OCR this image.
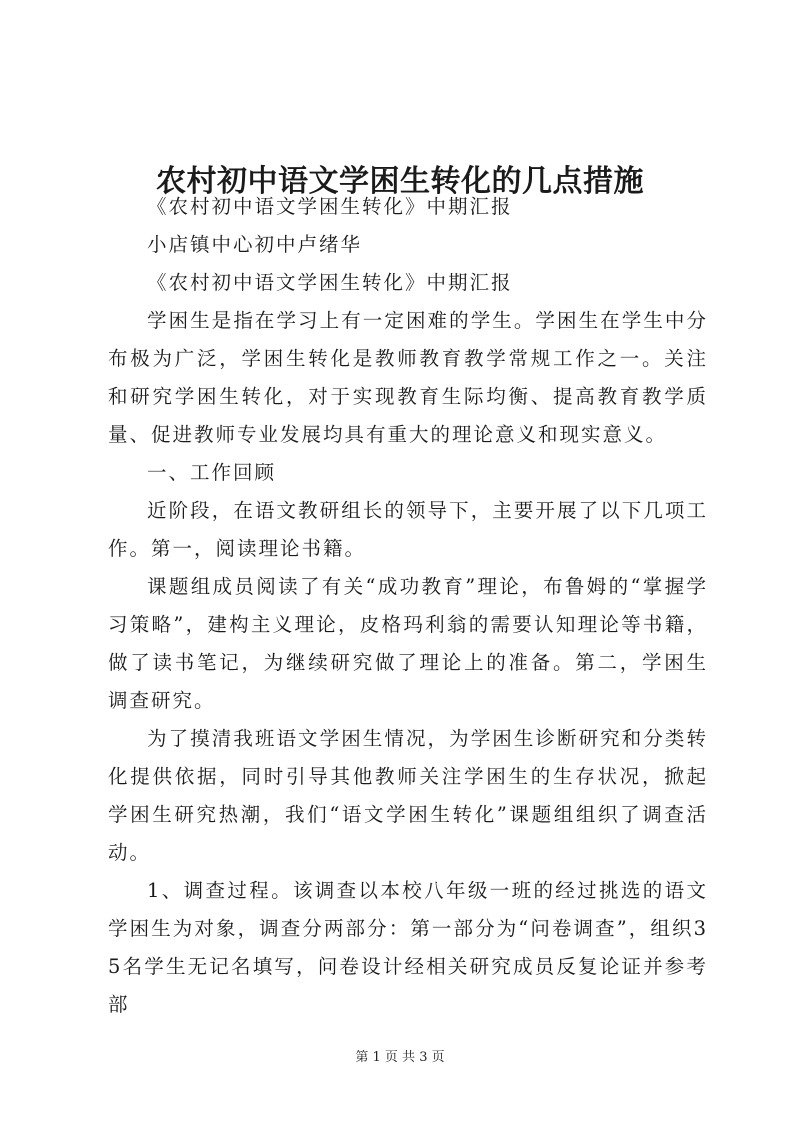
农村初中语文学困生转化的几点措施

《农村初中语文学困生转化》中期汇报

小店镇中心初中卢绪华

《农村初中语文学困生转化》中期汇报

学困生是指在学习上有一定困难的学生。学困生在学生中分布极为广泛，学困生转化是教师教育教学常规工作之一。关注和研究学困生转化，对于实现教育生际均衡、提高教育教学质量、促进教师专业发展均具有重大的理论意义和现实意义。

一、工作回顾

近阶段，在语文教研组长的领导下，主要开展了以下几项工作。第一，阅读理论书籍。

课题组成员阅读了有关“成功教育”理论，布鲁姆的“掌握学习策略”，建构主义理论，皮格玛利翁的需要认知理论等书籍，做了读书笔记，为继续研究做了理论上的准备。第二，学困生调查研究。

为了摸清我班语文学困生情况，为学困生诊断研究和分类转化提供依据，同时引导其他教师关注学困生的生存状况，掀起学困生研究热潮，我们“语文学困生转化”课题组组织了调查活动。

1、调查过程。该调查以本校八年级一班的经过挑选的语文学困生为对象，调查分两部分：第一部分为“问卷调查”，组织35名学生无记名填写，问卷设计经相关研究成员反复论证并参考部

第 1 页 共 3 页
